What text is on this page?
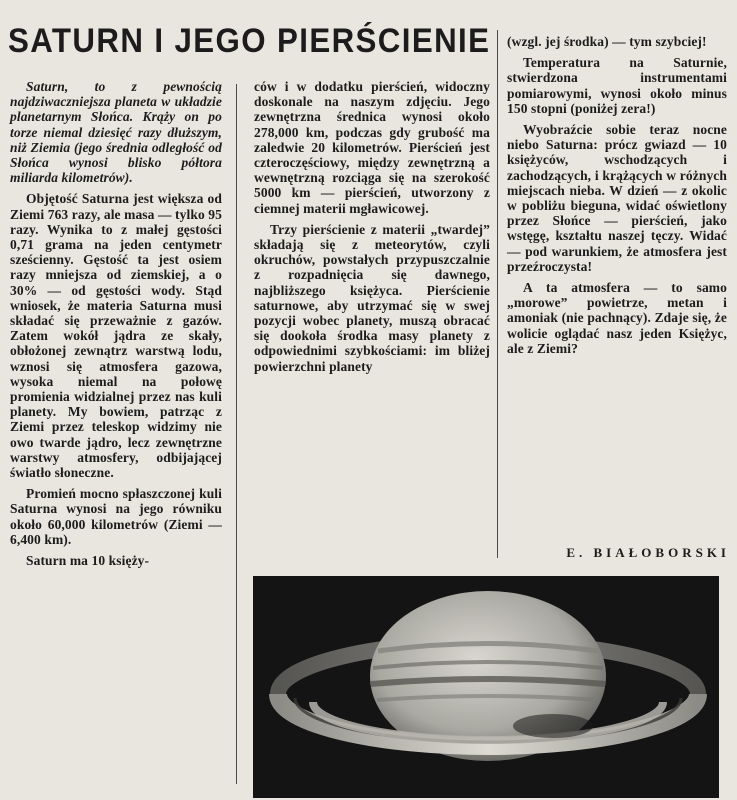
SATURN I JEGO PIERŚCIENIE

Saturn, to z pewnością najdziwaczniejsza planeta w układzie planetarnym Słońca. Krąży on po torze niemal dziesięć razy dłuższym, niż Ziemia (jego średnia odległość od Słońca wynosi blisko półtora miliarda kilometrów).

Objętość Saturna jest większa od Ziemi 763 razy, ale masa — tylko 95 razy. Wynika to z małej gęstości 0,71 grama na jeden centymetr sześcienny. Gęstość ta jest osiem razy mniejsza od ziemskiej, a o 30% — od gęstości wody. Stąd wniosek, że materia Saturna musi składać się przeważnie z gazów. Zatem wokół jądra ze skały, obłożonej zewnątrz warstwą lodu, wznosi się atmosfera gazowa, wysoka niemal na połowę promienia widzialnej przez nas kuli planety. My bowiem, patrząc z Ziemi przez teleskop widzimy nie owo twarde jądro, lecz zewnętrzne warstwy atmosfery, odbijającej światło słoneczne.

Promień mocno spłaszczonej kuli Saturna wynosi na jego równiku około 60,000 kilometrów (Ziemi — 6,400 km).

Saturn ma 10 księży-

ców i w dodatku pierścień, widoczny doskonale na naszym zdjęciu. Jego zewnętrzna średnica wynosi około 278,000 km, podczas gdy grubość ma zaledwie 20 kilometrów. Pierścień jest czteroczęściowy, między zewnętrzną a wewnętrzną rozciąga się na szerokość 5000 km — pierścień, utworzony z ciemnej materii mgławicowej.

Trzy pierścienie z materii „twardej” składają się z meteorytów, czyli okruchów, powstałych przypuszczalnie z rozpadnięcia się dawnego, najbliższego księżyca. Pierścienie saturnowe, aby utrzymać się w swej pozycji wobec planety, muszą obracać się dookoła środka masy planety z odpowiednimi szybkościami: im bliżej powierzchni planety

(wzgl. jej środka) — tym szybciej!

Temperatura na Saturnie, stwierdzona instrumentami pomiarowymi, wynosi około minus 150 stopni (poniżej zera!)

Wyobraźcie sobie teraz nocne niebo Saturna: prócz gwiazd — 10 księżyców, wschodzących i zachodzących, i krążących w różnych miejscach nieba. W dzień — z okolic w pobliżu bieguna, widać oświetlony przez Słońce — pierścień, jako wstęgę, kształtu naszej tęczy. Widać — pod warunkiem, że atmosfera jest przeźroczysta!

A ta atmosfera — to samo „morowe” powietrze, metan i amoniak (nie pachnący). Zdaje się, że wolicie oglądać nasz jeden Księżyc, ale z Ziemi?

E. BIAŁOBORSKI
